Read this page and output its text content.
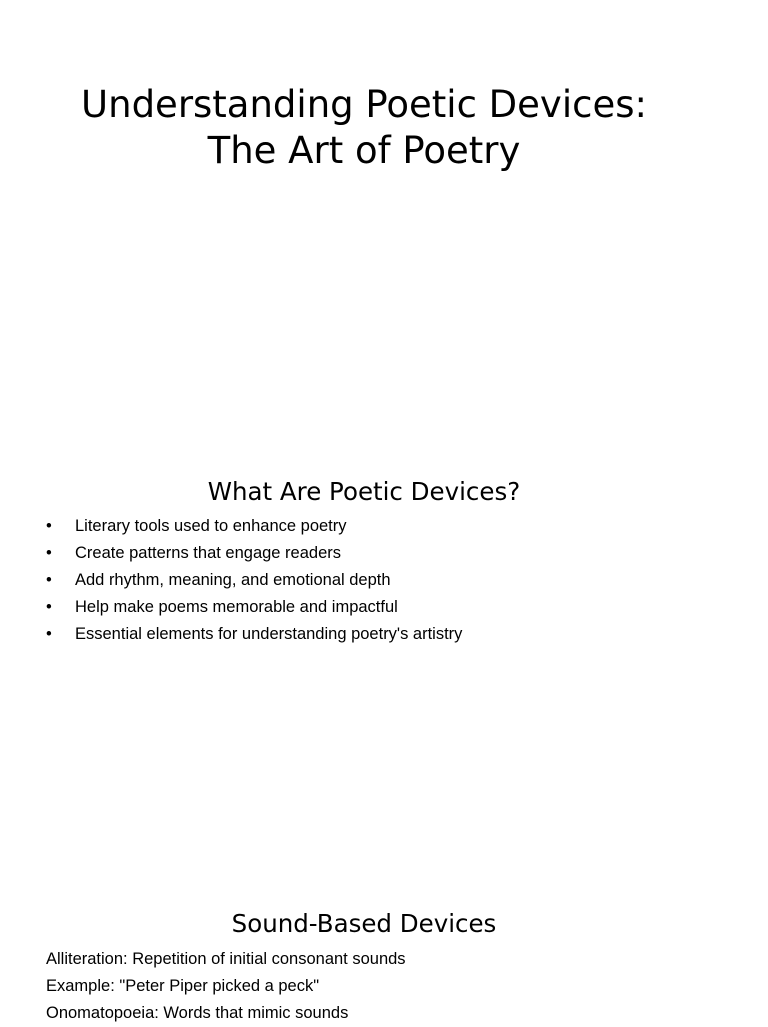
Understanding Poetic Devices:
The Art of Poetry
What Are Poetic Devices?
• Literary tools used to enhance poetry
• Create patterns that engage readers
• Add rhythm, meaning, and emotional depth
• Help make poems memorable and impactful
• Essential elements for understanding poetry's artistry
Sound-Based Devices
Alliteration: Repetition of initial consonant sounds
Example: "Peter Piper picked a peck"
Onomatopoeia: Words that mimic sounds
